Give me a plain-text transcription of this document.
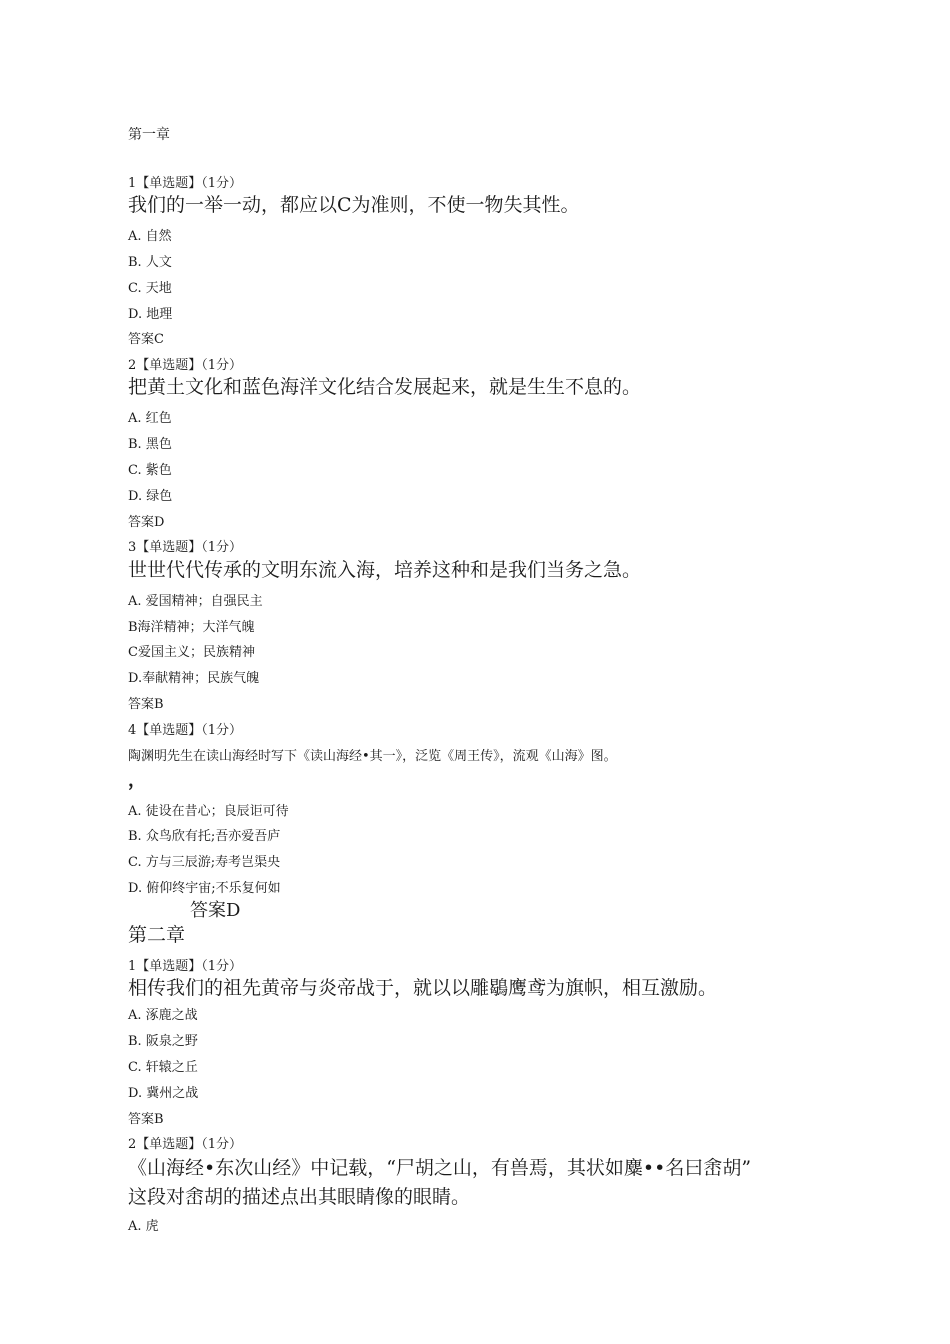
第一章
1【单选题】（1分）
我们的一举一动，都应以C为准则，不使一物失其性。
A. 自然
B. 人文
C. 天地
D. 地理
答案C
2【单选题】（1分）
把黄土文化和蓝色海洋文化结合发展起来，就是生生不息的。
A. 红色
B. 黑色
C. 紫色
D. 绿色
答案D
3【单选题】（1分）
世世代代传承的文明东流入海，培养这种和是我们当务之急。
A. 爱国精神；自强民主
B海洋精神；大洋气魄
C爱国主义；民族精神
D.奉献精神；民族气魄
答案B
4【单选题】（1分）
陶渊明先生在读山海经时写下《读山海经•其一》，泛览《周王传》，流观《山海》图。
，
A. 徒设在昔心；良辰讵可待
B. 众鸟欣有托;吾亦爱吾庐
C. 方与三辰游;寿考岂渠央
D. 俯仰终宇宙;不乐复何如
答案D
第二章
1【单选题】（1分）
相传我们的祖先黄帝与炎帝战于，就以以雕鶡鹰鸢为旗帜，相互激励。
A. 涿鹿之战
B. 阪泉之野
C. 轩辕之丘
D. 冀州之战
答案B
2【单选题】（1分）
《山海经•东次山经》中记载，“尸胡之山，有兽焉，其状如麋••名曰峹胡”
这段对峹胡的描述点出其眼睛像的眼睛。
A. 虎
